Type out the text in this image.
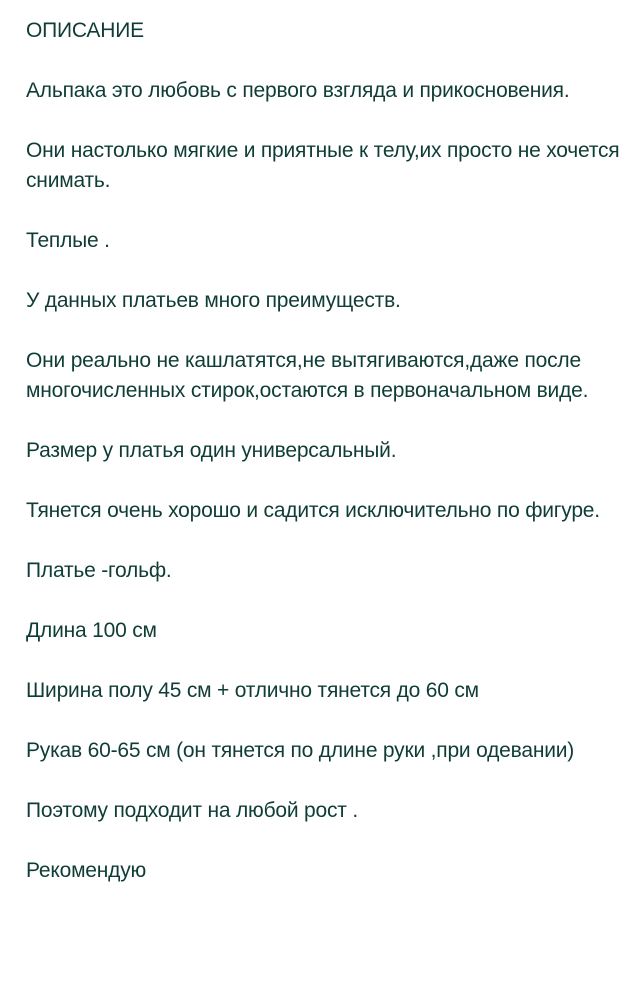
ОПИСАНИЕ

Альпака это любовь с первого взгляда и прикосновения.

Они настолько мягкие и приятные к телу,их просто не хочется снимать.

Теплые .

У данных платьев много преимуществ.

Они реально не кашлатятся,не вытягиваются,даже после многочисленных стирок,остаются в первоначальном виде.

Размер у платья один универсальный.

Тянется очень хорошо и садится исключительно по фигуре.

Платье -гольф.

Длина 100 см

Ширина полу 45 см + отлично тянется до 60 см

Рукав 60-65 см (он тянется по длине руки ,при одевании)

Поэтому подходит на любой рост .

Рекомендую
